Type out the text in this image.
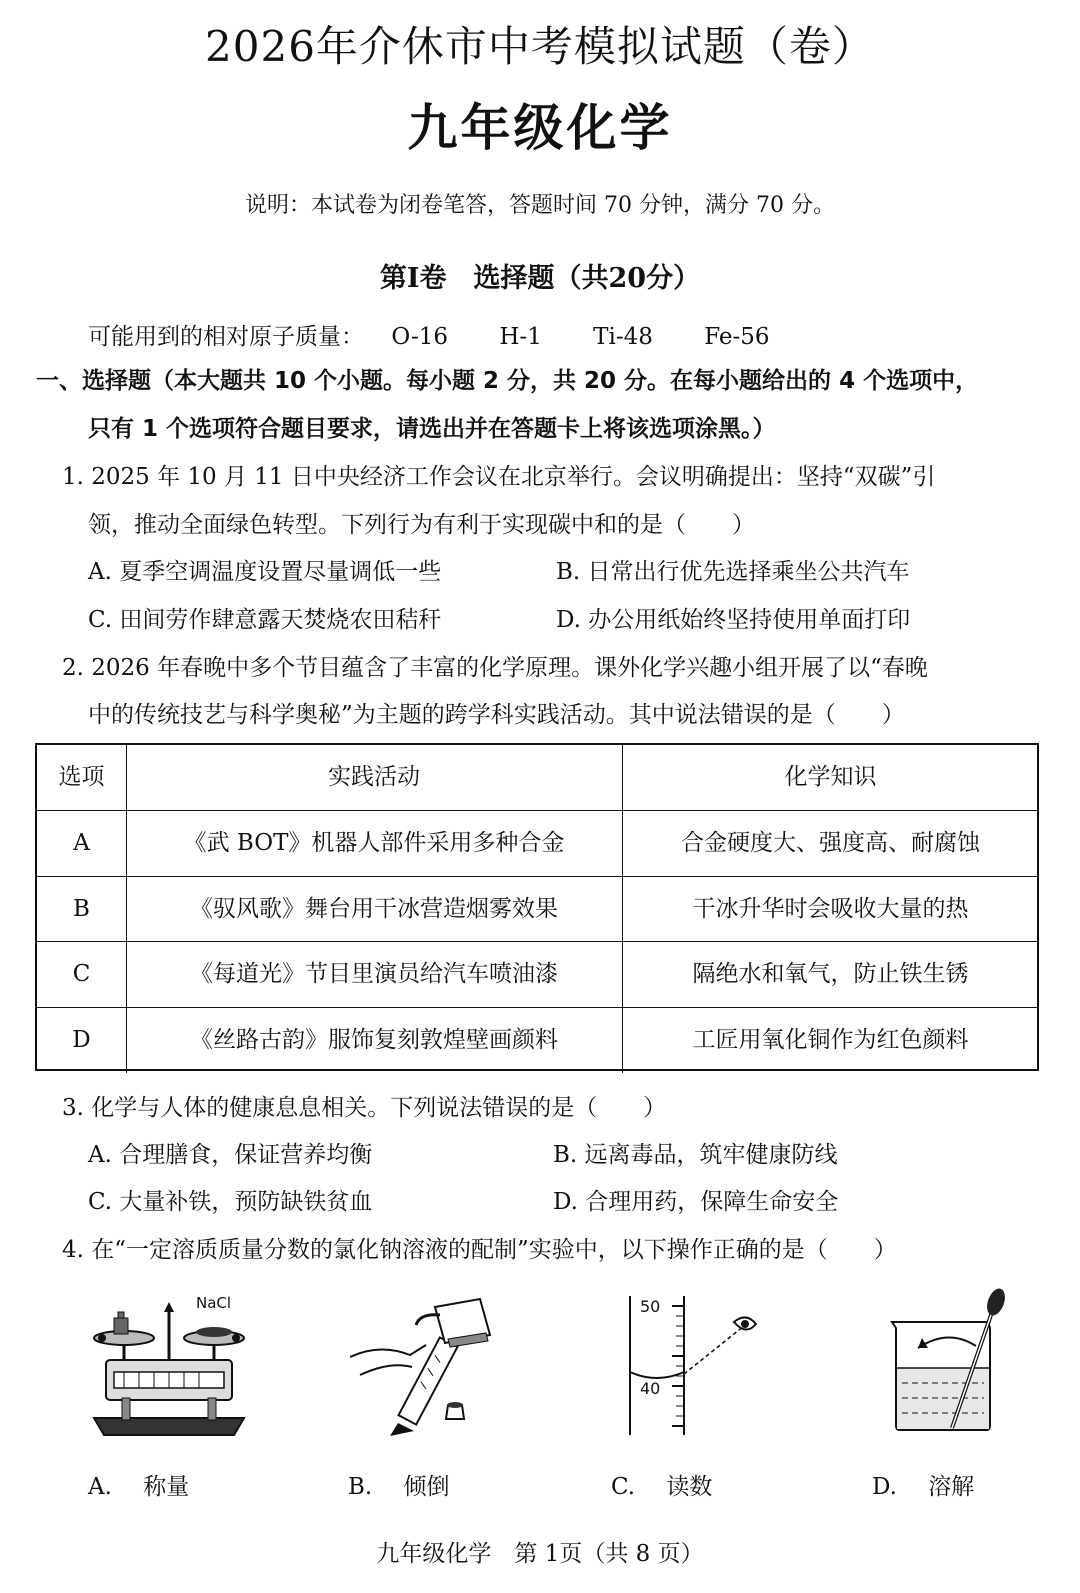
2026年介休市中考模拟试题（卷）
九年级化学
说明：本试卷为闭卷笔答，答题时间 70 分钟，满分 70 分。
第Ⅰ卷　选择题（共20分）
可能用到的相对原子质量： O-16 H-1 Ti-48 Fe-56
一、选择题（本大题共 10 个小题。每小题 2 分，共 20 分。在每小题给出的 4 个选项中，
只有 1 个选项符合题目要求，请选出并在答题卡上将该选项涂黑。）
1. 2025 年 10 月 11 日中央经济工作会议在北京举行。会议明确提出：坚持“双碳”引
领，推动全面绿色转型。下列行为有利于实现碳中和的是（　　）
A. 夏季空调温度设置尽量调低一些	B. 日常出行优先选择乘坐公共汽车
C. 田间劳作肆意露天焚烧农田秸秆	D. 办公用纸始终坚持使用单面打印
2. 2026 年春晚中多个节目蕴含了丰富的化学原理。课外化学兴趣小组开展了以“春晚
中的传统技艺与科学奥秘”为主题的跨学科实践活动。其中说法错误的是（　　）
选项	实践活动	化学知识
A	《武 BOT》机器人部件采用多种合金	合金硬度大、强度高、耐腐蚀
B	《驭风歌》舞台用干冰营造烟雾效果	干冰升华时会吸收大量的热
C	《每道光》节目里演员给汽车喷油漆	隔绝水和氧气，防止铁生锈
D	《丝路古韵》服饰复刻敦煌壁画颜料	工匠用氧化铜作为红色颜料
3. 化学与人体的健康息息相关。下列说法错误的是（　　）
A. 合理膳食，保证营养均衡	B. 远离毒品，筑牢健康防线
C. 大量补铁，预防缺铁贫血	D. 合理用药，保障生命安全
4. 在“一定溶质质量分数的氯化钠溶液的配制”实验中，以下操作正确的是（　　）
NaCl	50
40
A. 称量	B. 倾倒	C. 读数	D. 溶解
九年级化学　第 1页（共 8 页）
